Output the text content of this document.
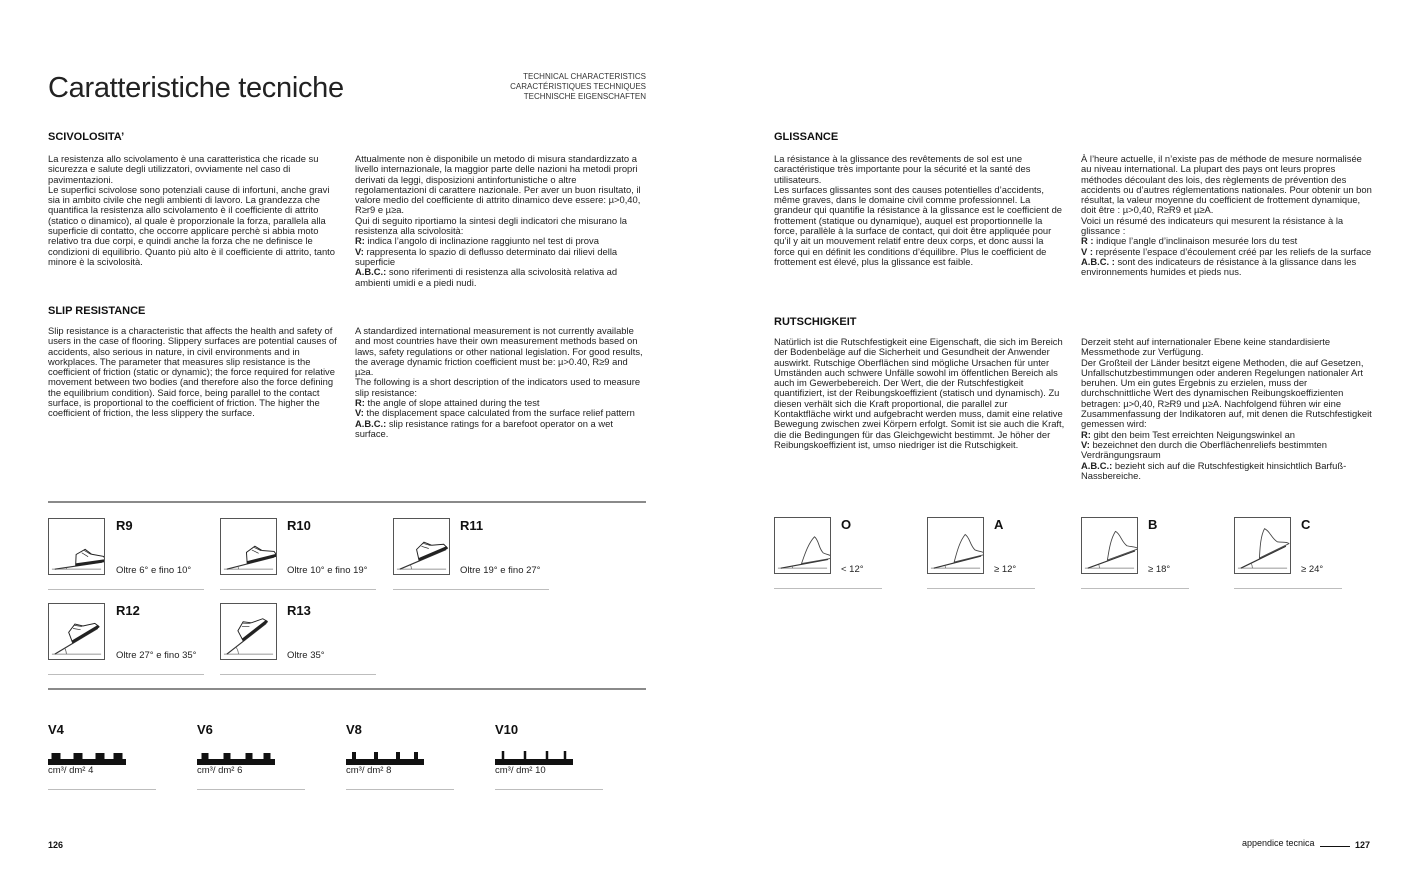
Caratteristiche tecniche	TECHNICAL CHARACTERISTICS
CARACTÉRISTIQUES TECHNIQUES
TECHNISCHE EIGENSCHAFTEN
SCIVOLOSITA’

La resistenza allo scivolamento è una caratteristica che ricade su sicurezza e salute degli utilizzatori, ovviamente nel caso di pavimentazioni.

Le superfici scivolose sono potenziali cause di infortuni, anche gravi sia in ambito civile che negli ambienti di lavoro. La grandezza che quantifica la resistenza allo scivolamento è il coefficiente di attrito (statico o dinamico), al quale è proporzionale la forza, parallela alla superficie di contatto, che occorre applicare perchè si abbia moto relativo tra due corpi, e quindi anche la forza che ne definisce le condizioni di equilibrio. Quanto più alto è il coefficiente di attrito, tanto minore è la scivolosità.

Attualmente non è disponibile un metodo di misura standardizzato a livello internazionale, la maggior parte delle nazioni ha metodi propri derivati da leggi, disposizioni antinfortunistiche o altre regolamentazioni di carattere nazionale. Per aver un buon risultato, il valore medio del coefficiente di attrito dinamico deve essere: µ>0,40, R≥r9 e µ≥a.

Qui di seguito riportiamo la sintesi degli indicatori che misurano la resistenza alla scivolosità:

R: indica l’angolo di inclinazione raggiunto nel test di prova

V: rappresenta lo spazio di deflusso determinato dai rilievi della superficie

A.B.C.: sono riferimenti di resistenza alla scivolosità relativa ad ambienti umidi e a piedi nudi.

SLIP RESISTANCE

Slip resistance is a characteristic that affects the health and safety of users in the case of flooring. Slippery surfaces are potential causes of accidents, also serious in nature, in civil environments and in workplaces. The parameter that measures slip resistance is the coefficient of friction (static or dynamic); the force required for relative movement between two bodies (and therefore also the force defining the equilibrium condition). Said force, being parallel to the contact surface, is proportional to the coefficient of friction. The higher the coefficient of friction, the less slippery the surface.

A standardized international measurement is not currently available and most countries have their own measurement methods based on laws, safety regulations or other national legislation. For good results, the average dynamic friction coefficient must be: µ>0.40, R≥9 and µ≥a.

The following is a short description of the indicators used to measure slip resistance:

R: the angle of slope attained during the test

V: the displacement space calculated from the surface relief pattern

A.B.C.: slip resistance ratings for a barefoot operator on a wet surface.

GLISSANCE

La résistance à la glissance des revêtements de sol est une caractéristique très importante pour la sécurité et la santé des utilisateurs.

Les surfaces glissantes sont des causes potentielles d’accidents, même graves, dans le domaine civil comme professionnel. La grandeur qui quantifie la résistance à la glissance est le coefficient de frottement (statique ou dynamique), auquel est proportionnelle la force, parallèle à la surface de contact, qui doit être appliquée pour qu’il y ait un mouvement relatif entre deux corps, et donc aussi la force qui en définit les conditions d’équilibre. Plus le coefficient de frottement est élevé, plus la glissance est faible.

À l’heure actuelle, il n’existe pas de méthode de mesure normalisée au niveau international. La plupart des pays ont leurs propres méthodes découlant des lois, des règlements de prévention des accidents ou d’autres réglementations nationales. Pour obtenir un bon résultat, la valeur moyenne du coefficient de frottement dynamique, doit être : µ>0,40, R≥R9 et µ≥A.

Voici un résumé des indicateurs qui mesurent la résistance à la glissance :

R : indique l’angle d’inclinaison mesurée lors du test

V : représente l’espace d’écoulement créé par les reliefs de la surface

A.B.C. : sont des indicateurs de résistance à la glissance dans les environnements humides et pieds nus.

RUTSCHIGKEIT

Natürlich ist die Rutschfestigkeit eine Eigenschaft, die sich im Bereich der Bodenbeläge auf die Sicherheit und Gesundheit der Anwender auswirkt. Rutschige Oberflächen sind mögliche Ursachen für unter Umständen auch schwere Unfälle sowohl im öffentlichen Bereich als auch im Gewerbebereich. Der Wert, die der Rutschfestigkeit quantifiziert, ist der Reibungskoeffizient (statisch und dynamisch). Zu diesen verhält sich die Kraft proportional, die parallel zur Kontaktfläche wirkt und aufgebracht werden muss, damit eine relative Bewegung zwischen zwei Körpern erfolgt. Somit ist sie auch die Kraft, die die Bedingungen für das Gleichgewicht bestimmt. Je höher der Reibungskoeffizient ist, umso niedriger ist die Rutschigkeit.

Derzeit steht auf internationaler Ebene keine standardisierte Messmethode zur Verfügung.

Der Großteil der Länder besitzt eigene Methoden, die auf Gesetzen, Unfallschutzbestimmungen oder anderen Regelungen nationaler Art beruhen. Um ein gutes Ergebnis zu erzielen, muss der durchschnittliche Wert des dynamischen Reibungskoeffizienten betragen: µ>0,40, R≥R9 und µ≥A. Nachfolgend führen wir eine Zusammenfassung der Indikatoren auf, mit denen die Rutschfestigkeit gemessen wird:

R: gibt den beim Test erreichten Neigungswinkel an

V: bezeichnet den durch die Oberflächenreliefs bestimmten Verdrängungsraum

A.B.C.: bezieht sich auf die Rutschfestigkeit hinsichtlich Barfuß-Nassbereiche.

R9
Oltre 6° e fino 10°
R10
Oltre 10° e fino 19°
R11
Oltre 19° e fino 27°
R12
Oltre 27° e fino 35°
R13
Oltre 35°
O
< 12°
A
≥ 12°
B
≥ 18°
C
≥ 24°
V4
cm³/ dm² 4
V6
cm³/ dm² 6
V8
cm³/ dm² 8
V10
cm³/ dm² 10
126	appendice tecnica	127
